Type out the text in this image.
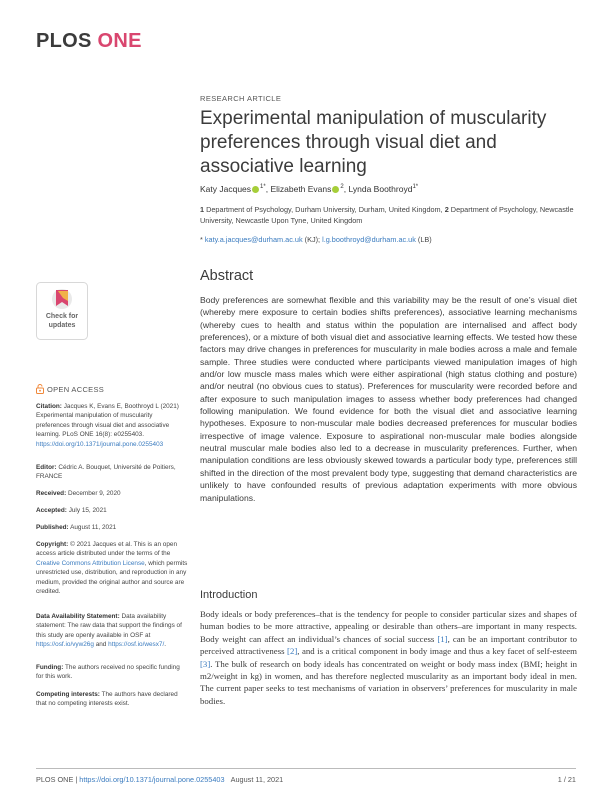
PLOS ONE
RESEARCH ARTICLE
Experimental manipulation of muscularity preferences through visual diet and associative learning
Katy Jacques $^{1*}$, Elizabeth Evans $^2$, Lynda Boothroyd$^{1*}$
1 Department of Psychology, Durham University, Durham, United Kingdom, 2 Department of Psychology, Newcastle University, Newcastle Upon Tyne, United Kingdom
* katy.a.jacques@durham.ac.uk (KJ); l.g.boothroyd@durham.ac.uk (LB)
Abstract
Body preferences are somewhat flexible and this variability may be the result of one’s visual diet (whereby mere exposure to certain bodies shifts preferences), associative learning mechanisms (whereby cues to health and status within the population are internalised and affect body preferences), or a mixture of both visual diet and associative learning effects. We tested how these factors may drive changes in preferences for muscularity in male bodies across a male and female sample. Three studies were conducted where participants viewed manipulation images of high and/or low muscle mass males which were either aspirational (high status clothing and posture) and/or neutral (no obvious cues to status). Preferences for muscularity were recorded before and after exposure to such manipulation images to assess whether body preferences had changed following manipulation. We found evidence for both the visual diet and associative learning hypotheses. Exposure to non-muscular male bodies decreased preferences for muscular bodies irrespective of image valence. Exposure to aspirational non-muscular male bodies alongside neutral muscular male bodies also led to a decrease in muscularity preferences. Further, when manipulation conditions are less obviously skewed towards a particular body type, preferences still shifted in the direction of the most prevalent body type, suggesting that demand characteristics are unlikely to have confounded results of previous adaptation experiments with more obvious manipulations.
Introduction
Body ideals or body preferences–that is the tendency for people to consider particular sizes and shapes of human bodies to be more attractive, appealing or desirable than others–are important in many respects. Body weight can affect an individual’s chances of social success [1], can be an important contributor to perceived attractiveness [2], and is a critical component in body image and thus a key facet of self-esteem [3]. The bulk of research on body ideals has concentrated on weight or body mass index (BMI; height in m2/weight in kg) in women, and has therefore neglected muscularity as an important body ideal in men. The current paper seeks to test mechanisms of variation in observers’ preferences for muscularity in male bodies.
Check for updates
OPEN ACCESS
Citation: Jacques K, Evans E, Boothroyd L (2021) Experimental manipulation of muscularity preferences through visual diet and associative learning. PLoS ONE 16(8): e0255403. https://doi.org/10.1371/journal.pone.0255403
Editor: Cédric A. Bouquet, Université de Poitiers, FRANCE
Received: December 9, 2020
Accepted: July 15, 2021
Published: August 11, 2021
Copyright: © 2021 Jacques et al. This is an open access article distributed under the terms of the Creative Commons Attribution License, which permits unrestricted use, distribution, and reproduction in any medium, provided the original author and source are credited.
Data Availability Statement: Data availability statement: The raw data that support the findings of this study are openly available in OSF at https://osf.io/vyw26g and https://osf.io/wesx7/.
Funding: The authors received no specific funding for this work.
Competing interests: The authors have declared that no competing interests exist.
PLOS ONE | https://doi.org/10.1371/journal.pone.0255403 August 11, 2021	1 / 21
